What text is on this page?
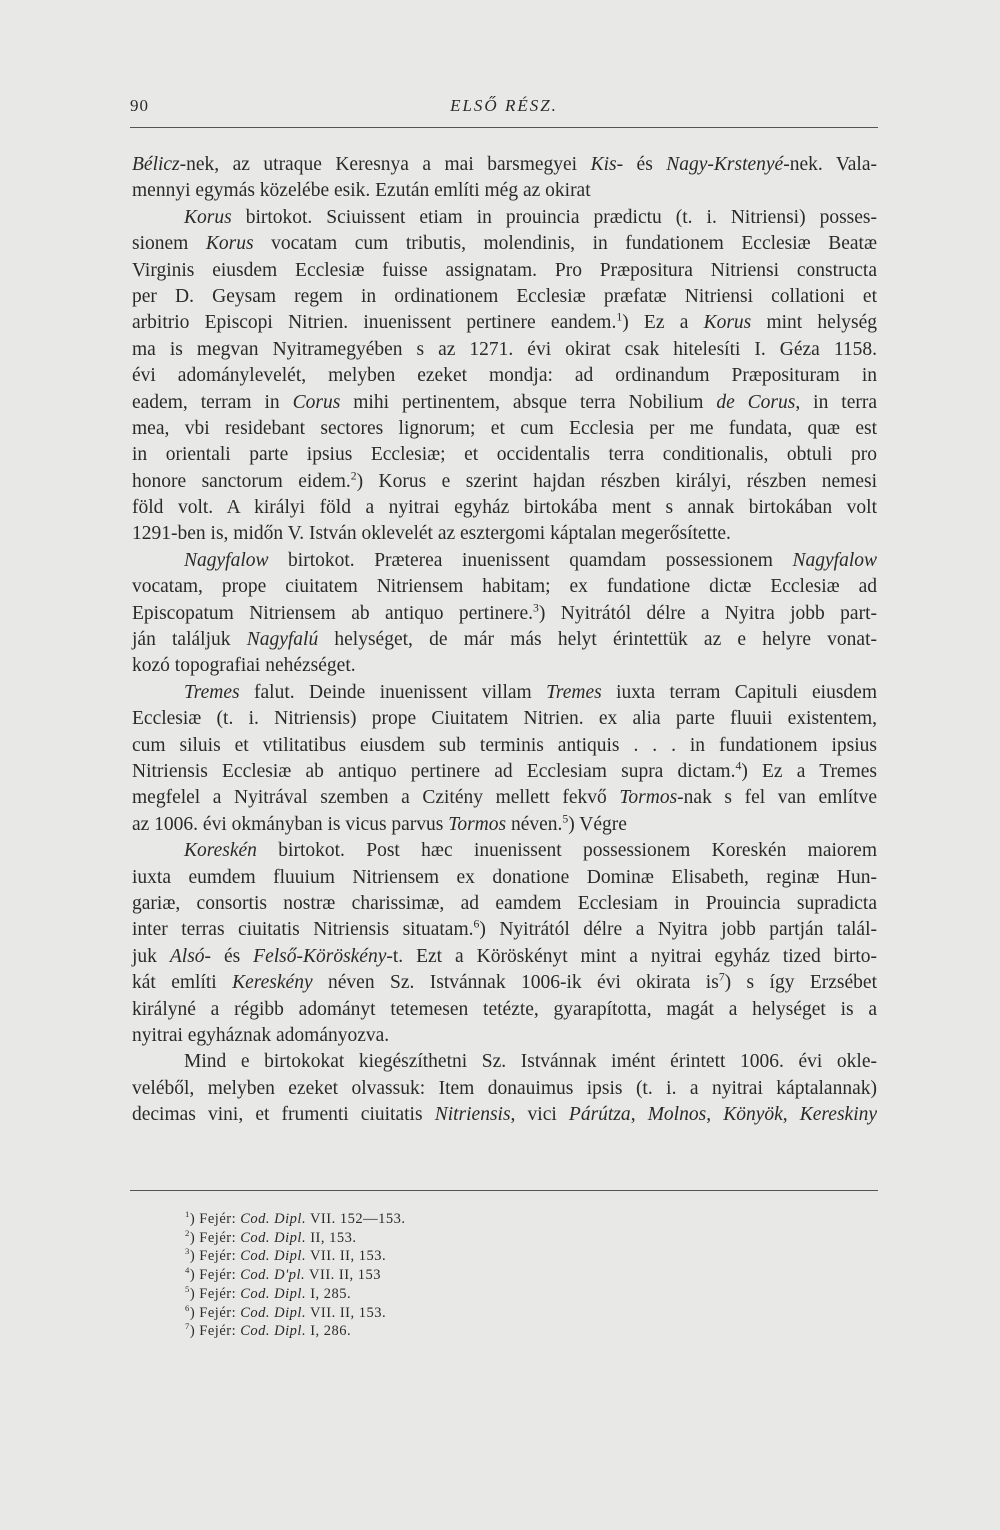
90	ELSŐ RÉSZ.
Bélicz-nek, az utraque Keresnya a mai barsmegyei Kis- és Nagy-Krstenyé-nek. Vala-
mennyi egymás közelébe esik. Ezután említi még az okirat
Korus birtokot. Sciuissent etiam in prouincia prædictu (t. i. Nitriensi) posses-
sionem Korus vocatam cum tributis, molendinis, in fundationem Ecclesiæ Beatæ
Virginis eiusdem Ecclesiæ fuisse assignatam. Pro Præpositura Nitriensi constructa
per D. Geysam regem in ordinationem Ecclesiæ præfatæ Nitriensi collationi et
arbitrio Episcopi Nitrien. inuenissent pertinere eandem.$^1$) Ez a Korus mint helység
ma is megvan Nyitramegyében s az 1271. évi okirat csak hitelesíti I. Géza 1158.
évi adománylevelét, melyben ezeket mondja: ad ordinandum Præposituram in
eadem, terram in Corus mihi pertinentem, absque terra Nobilium de Corus, in terra
mea, vbi residebant sectores lignorum; et cum Ecclesia per me fundata, quæ est
in orientali parte ipsius Ecclesiæ; et occidentalis terra conditionalis, obtuli pro
honore sanctorum eidem.$^2$) Korus e szerint hajdan részben királyi, részben nemesi
föld volt. A királyi föld a nyitrai egyház birtokába ment s annak birtokában volt
1291-ben is, midőn V. István oklevelét az esztergomi káptalan megerősítette.
Nagyfalow birtokot. Præterea inuenissent quamdam possessionem Nagyfalow
vocatam, prope ciuitatem Nitriensem habitam; ex fundatione dictæ Ecclesiæ ad
Episcopatum Nitriensem ab antiquo pertinere.$^3$) Nyitrától délre a Nyitra jobb part-
ján találjuk Nagyfalú helységet, de már más helyt érintettük az e helyre vonat-
kozó topografiai nehézséget.
Tremes falut. Deinde inuenissent villam Tremes iuxta terram Capituli eiusdem
Ecclesiæ (t. i. Nitriensis) prope Ciuitatem Nitrien. ex alia parte fluuii existentem,
cum siluis et vtilitatibus eiusdem sub terminis antiquis . . . in fundationem ipsius
Nitriensis Ecclesiæ ab antiquo pertinere ad Ecclesiam supra dictam.$^4$) Ez a Tremes
megfelel a Nyitrával szemben a Czitény mellett fekvő Tormos-nak s fel van említve
az 1006. évi okmányban is vicus parvus Tormos néven.$^5$) Végre
Koreskén birtokot. Post hæc inuenissent possessionem Koreskén maiorem
iuxta eumdem fluuium Nitriensem ex donatione Dominæ Elisabeth, reginæ Hun-
gariæ, consortis nostræ charissimæ, ad eamdem Ecclesiam in Prouincia supradicta
inter terras ciuitatis Nitriensis situatam.$^6$) Nyitrától délre a Nyitra jobb partján talál-
juk Alsó- és Felső-Köröskény-t. Ezt a Köröskényt mint a nyitrai egyház tized birto-
kát említi Kereskény néven Sz. Istvánnak 1006-ik évi okirata $is^7$) s így Erzsébet
királyné a régibb adományt tetemesen tetézte, gyarapította, magát a helységet is a
nyitrai egyháznak adományozva.
Mind e birtokokat kiegészíthetni Sz. Istvánnak imént érintett 1006. évi okle-
veléből, melyben ezeket olvassuk: Item donauimus ipsis (t. i. a nyitrai káptalannak)
decimas vini, et frumenti ciuitatis Nitriensis, vici Párútza, Molnos, Könyök, Kereskiny
$^1$) Fejér: Cod. Dipl. VII. 152—153.
$^2$) Fejér: Cod. Dipl. II, 153.
$^3$) Fejér: Cod. Dipl. VII. II, 153.
$^4$) Fejér: Cod. D'pl. VII. II, 153
$^5$) Fejér: Cod. Dipl. I, 285.
$^6$) Fejér: Cod. Dipl. VII. II, 153.
$^7$) Fejér: Cod. Dipl. I, 286.
